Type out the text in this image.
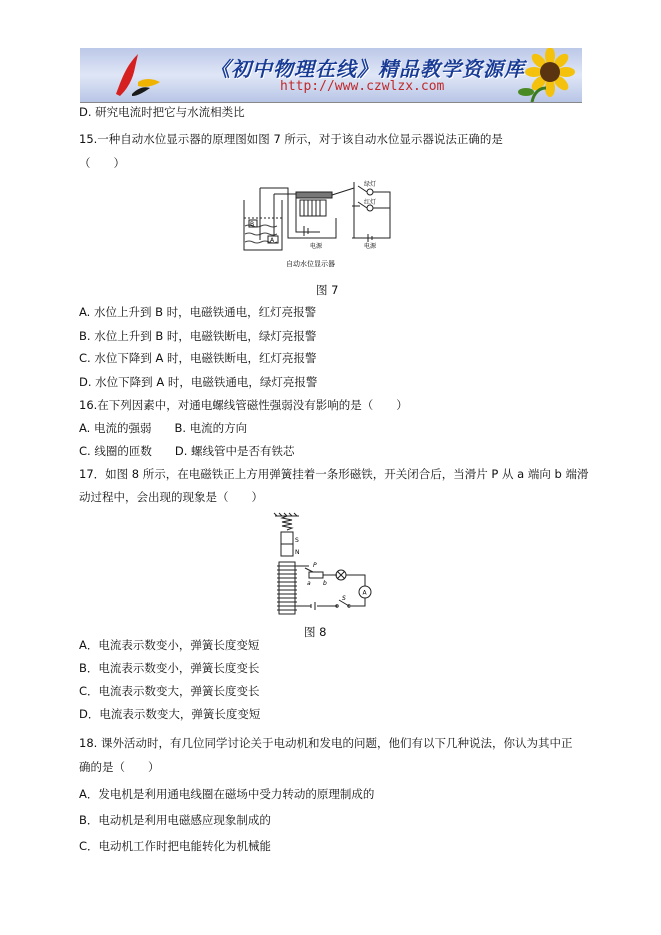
《初中物理在线》精品教学资源库
http://www.czwlzx.com
D. 研究电流时把它与水流相类比
15.一种自动水位显示器的原理图如图 7 所示，对于该自动水位显示器说法正确的是
（　　）
B
A
绿灯
红灯
电源	电源
自动水位显示器
图 7
A. 水位上升到 B 时，电磁铁通电，红灯亮报警
B. 水位上升到 B 时，电磁铁断电，绿灯亮报警
C. 水位下降到 A 时，电磁铁断电，红灯亮报警
D. 水位下降到 A 时，电磁铁通电，绿灯亮报警
16.在下列因素中，对通电螺线管磁性强弱没有影响的是（　　）
A. 电流的强弱　　B. 电流的方向
C. 线圈的匝数　　D. 螺线管中是否有铁芯
17．如图 8 所示，在电磁铁正上方用弹簧挂着一条形磁铁，开关闭合后，当滑片 P 从 a 端向 b 端滑
动过程中，会出现的现象是（　　）
S
N
P
a b
S
A
图 8
A．电流表示数变小，弹簧长度变短
B．电流表示数变小，弹簧长度变长
C．电流表示数变大，弹簧长度变长
D．电流表示数变大，弹簧长度变短
18. 课外活动时，有几位同学讨论关于电动机和发电的问题，他们有以下几种说法，你认为其中正
确的是（　　）
A．发电机是利用通电线圈在磁场中受力转动的原理制成的
B．电动机是利用电磁感应现象制成的
C．电动机工作时把电能转化为机械能
